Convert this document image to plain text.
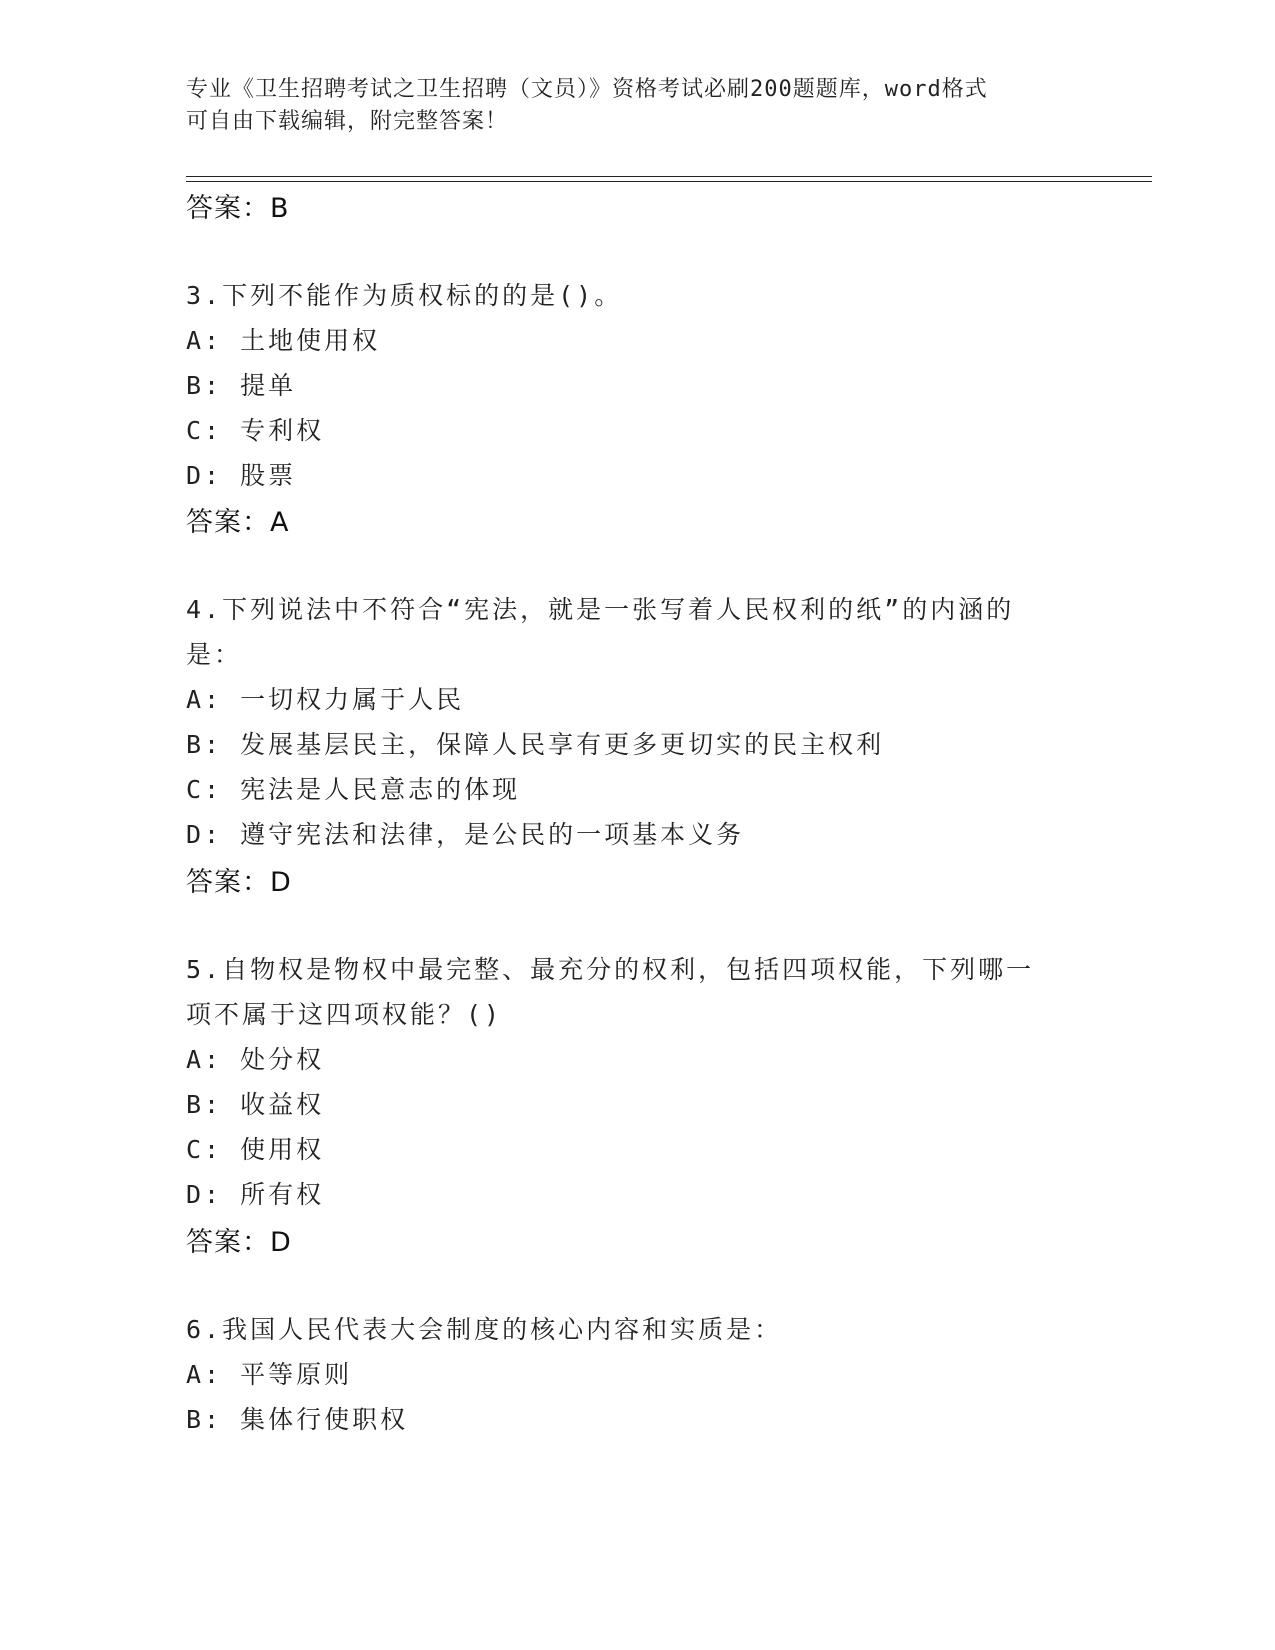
专业《卫生招聘考试之卫生招聘（文员）》资格考试必刷200题题库，word格式
可自由下载编辑，附完整答案！
答案：B
3.下列不能作为质权标的的是()。
A: 土地使用权
B: 提单
C: 专利权
D: 股票
答案：A
4.下列说法中不符合“宪法，就是一张写着人民权利的纸”的内涵的
是：
A: 一切权力属于人民
B: 发展基层民主，保障人民享有更多更切实的民主权利
C: 宪法是人民意志的体现
D: 遵守宪法和法律，是公民的一项基本义务
答案：D
5.自物权是物权中最完整、最充分的权利，包括四项权能，下列哪一
项不属于这四项权能？()
A: 处分权
B: 收益权
C: 使用权
D: 所有权
答案：D
6.我国人民代表大会制度的核心内容和实质是：
A: 平等原则
B: 集体行使职权
